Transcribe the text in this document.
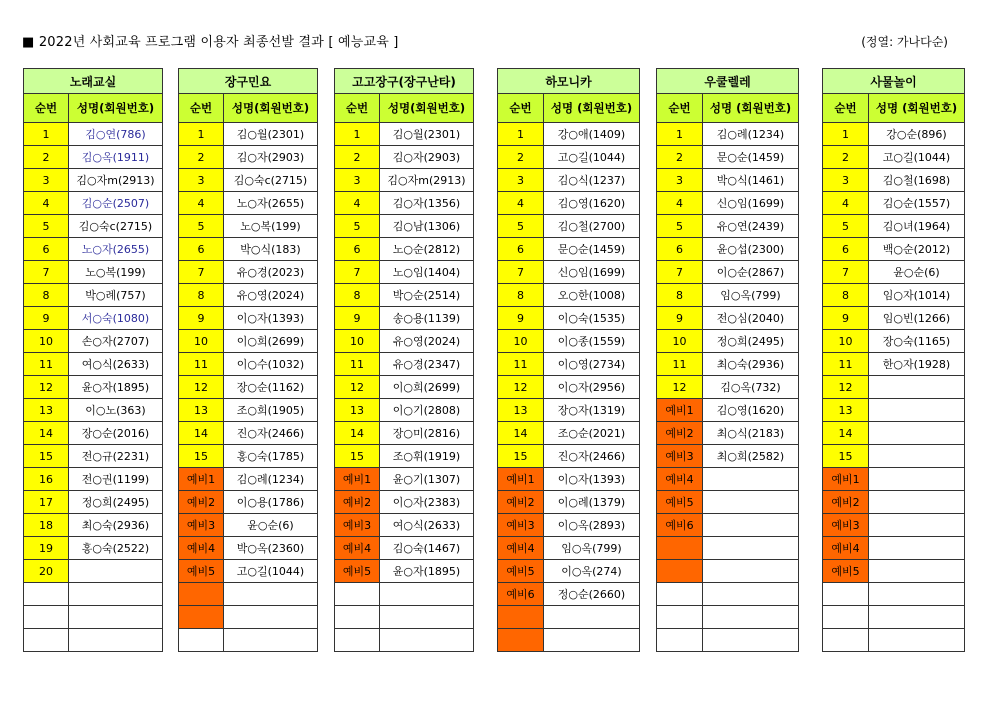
■ 2022년 사회교육 프로그램 이용자 최종선발 결과 [ 예능교육 ]	(정열: 가나다순)
노래교실	
순번	성명(회원번호)
1	김○연(786)
2	김○옥(1911)
3	김○자m(2913)
4	김○순(2507)
5	김○숙c(2715)
6	노○자(2655)
7	노○복(199)
8	박○례(757)
9	서○숙(1080)
10	손○자(2707)
11	여○식(2633)
12	윤○자(1895)
13	이○노(363)
14	장○순(2016)
15	전○규(2231)
16	전○권(1199)
17	정○희(2495)
18	최○숙(2936)
19	홍○숙(2522)
20	

장구민요	
순번	성명(회원번호)
1	김○월(2301)
2	김○자(2903)
3	김○숙c(2715)
4	노○자(2655)
5	노○복(199)
6	박○식(183)
7	유○경(2023)
8	유○영(2024)
9	이○자(1393)
10	이○희(2699)
11	이○수(1032)
12	장○순(1162)
13	조○희(1905)
14	진○자(2466)
15	홍○숙(1785)
예비1	김○례(1234)
예비2	이○용(1786)
예비3	윤○순(6)
예비4	박○옥(2360)
예비5	고○길(1044)

고고장구(장구난타)	
순번	성명(회원번호)
1	김○월(2301)
2	김○자(2903)
3	김○자m(2913)
4	김○자(1356)
5	김○남(1306)
6	노○순(2812)
7	노○임(1404)
8	박○순(2514)
9	송○용(1139)
10	유○영(2024)
11	유○경(2347)
12	이○희(2699)
13	이○기(2808)
14	장○미(2816)
15	조○휘(1919)
예비1	윤○기(1307)
예비2	이○자(2383)
예비3	여○식(2633)
예비4	김○숙(1467)
예비5	윤○자(1895)

하모니카	
순번	성명 (회원번호)
1	강○애(1409)
2	고○길(1044)
3	김○식(1237)
4	김○영(1620)
5	김○철(2700)
6	문○순(1459)
7	신○임(1699)
8	오○한(1008)
9	이○숙(1535)
10	이○종(1559)
11	이○영(2734)
12	이○자(2956)
13	장○자(1319)
14	조○순(2021)
15	진○자(2466)
예비1	이○자(1393)
예비2	이○례(1379)
예비3	이○옥(2893)
예비4	임○옥(799)
예비5	이○옥(274)
예비6	정○순(2660)

우쿨렐레	
순번	성명 (회원번호)
1	김○례(1234)
2	문○순(1459)
3	박○식(1461)
4	신○임(1699)
5	유○연(2439)
6	윤○섭(2300)
7	이○순(2867)
8	임○옥(799)
9	전○심(2040)
10	정○희(2495)
11	최○숙(2936)
12	김○옥(732)
예비1	김○영(1620)
예비2	최○식(2183)
예비3	최○희(2582)
예비4	
예비5	
예비6	

사물놀이	
순번	성명 (회원번호)
1	강○순(896)
2	고○길(1044)
3	김○철(1698)
4	김○순(1557)
5	김○녀(1964)
6	백○순(2012)
7	윤○순(6)
8	임○자(1014)
9	임○빈(1266)
10	장○숙(1165)
11	한○자(1928)
12	
13	
14	
15	
예비1	
예비2	
예비3	
예비4	
예비5	
